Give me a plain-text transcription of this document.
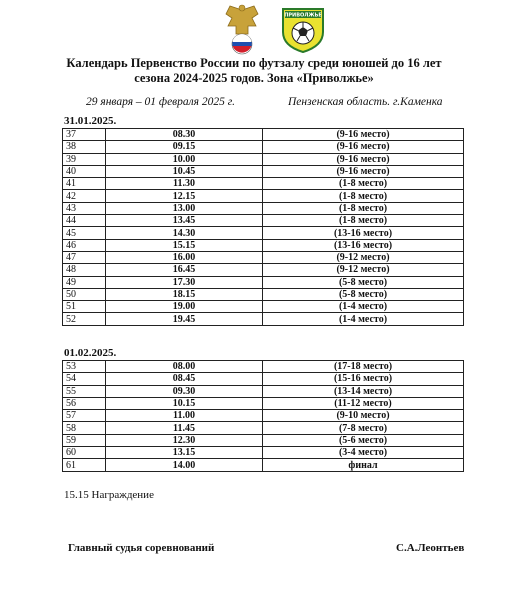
ПРИВОЛЖЬЕ
Календарь Первенство России по футзалу среди юношей до 16 лет
сезона 2024-2025 годов. Зона «Приволжье»
29 января – 01 февраля 2025 г.	Пензенская область. г.Каменка
31.01.2025.
37	08.30	(9-16 место)
38	09.15	(9-16 место)
39	10.00	(9-16 место)
40	10.45	(9-16 место)
41	11.30	(1-8 место)
42	12.15	(1-8 место)
43	13.00	(1-8 место)
44	13.45	(1-8 место)
45	14.30	(13-16 место)
46	15.15	(13-16 место)
47	16.00	(9-12 место)
48	16.45	(9-12 место)
49	17.30	(5-8 место)
50	18.15	(5-8 место)
51	19.00	(1-4 место)
52	19.45	(1-4 место)
01.02.2025.
53	08.00	(17-18 место)
54	08.45	(15-16 место)
55	09.30	(13-14 место)
56	10.15	(11-12 место)
57	11.00	(9-10 место)
58	11.45	(7-8 место)
59	12.30	(5-6 место)
60	13.15	(3-4 место)
61	14.00	финал
15.15 Награждение
Главный судья соревнований	С.А.Леонтьев
